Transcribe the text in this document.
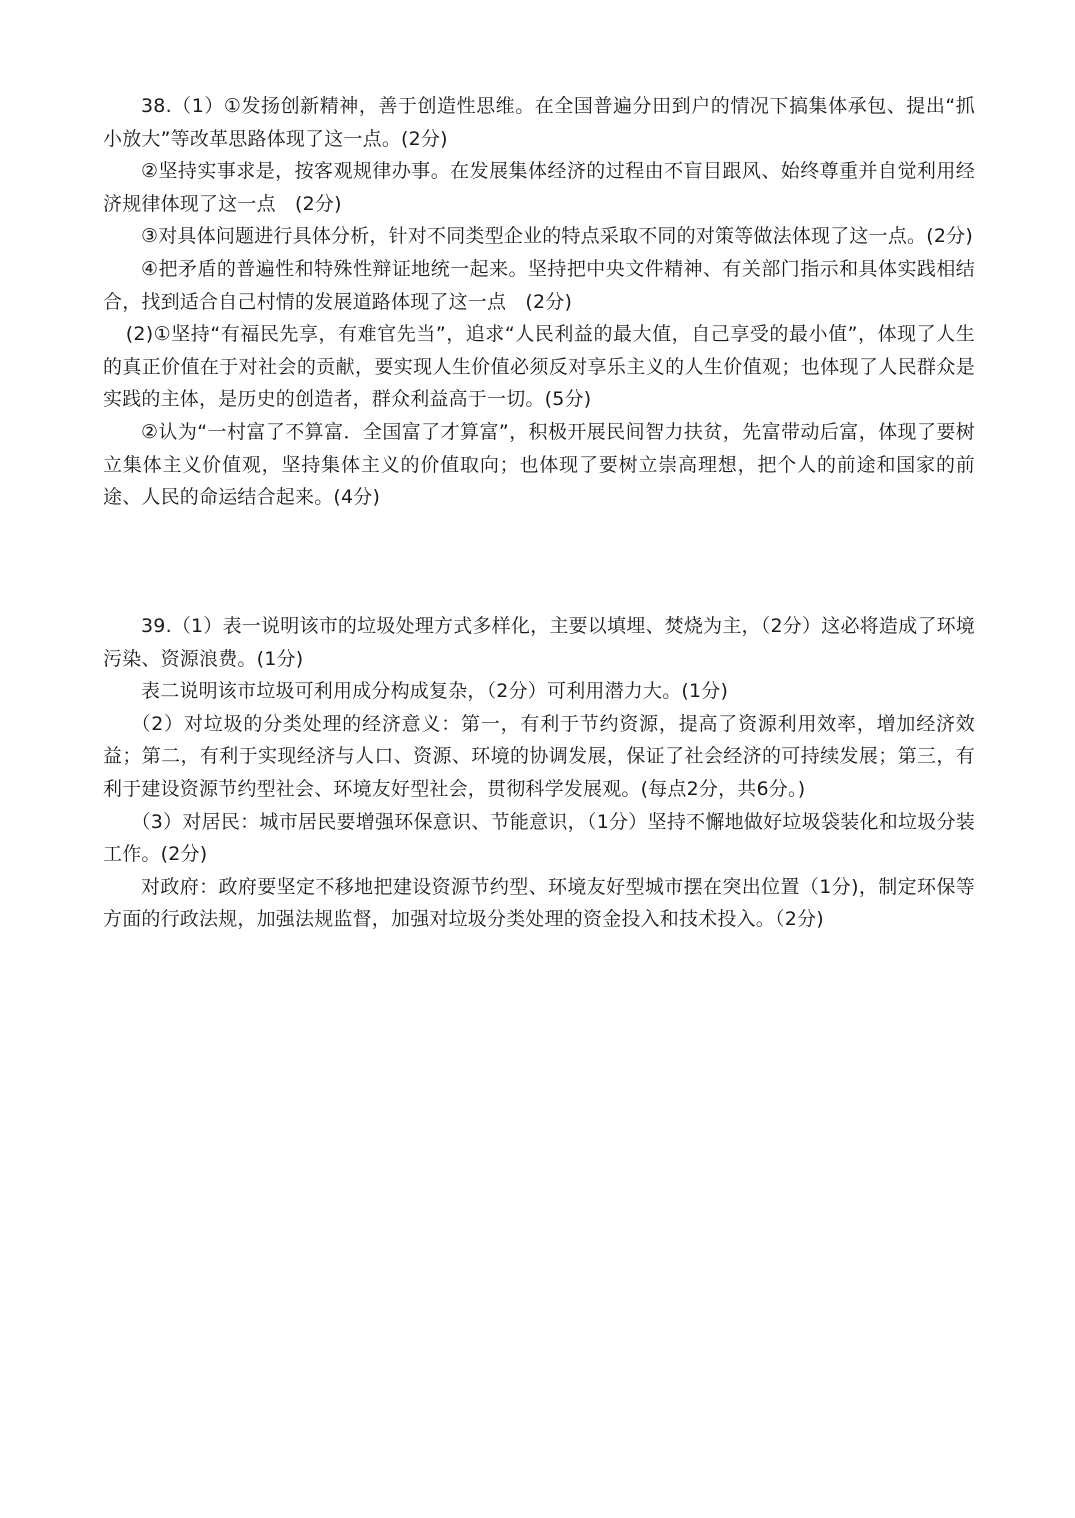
38.（1）①发扬创新精神，善于创造性思维。在全国普遍分田到户的情况下搞集体承包、提出“抓小放大”等改革思路体现了这一点。(2分)

②坚持实事求是，按客观规律办事。在发展集体经济的过程由不盲目跟风、始终尊重并自觉利用经济规律体现了这一点　(2分)

③对具体问题进行具体分析，针对不同类型企业的特点采取不同的对策等做法体现了这一点。(2分)

④把矛盾的普遍性和特殊性辩证地统一起来。坚持把中央文件精神、有关部门指示和具体实践相结合，找到适合自己村情的发展道路体现了这一点　(2分)

(2)①坚持“有福民先享，有难官先当”，追求“人民利益的最大值，自己享受的最小值”，体现了人生的真正价值在于对社会的贡献，要实现人生价值必须反对享乐主义的人生价值观；也体现了人民群众是实践的主体，是历史的创造者，群众利益高于一切。(5分)

②认为“一村富了不算富．全国富了才算富”，积极开展民间智力扶贫，先富带动后富，体现了要树立集体主义价值观，坚持集体主义的价值取向；也体现了要树立崇高理想，把个人的前途和国家的前途、人民的命运结合起来。(4分)

39.（1）表一说明该市的垃圾处理方式多样化，主要以填埋、焚烧为主，（2分）这必将造成了环境污染、资源浪费。(1分)

表二说明该市垃圾可利用成分构成复杂，（2分）可利用潜力大。(1分)

（2）对垃圾的分类处理的经济意义：第一，有利于节约资源，提高了资源利用效率，增加经济效益；第二，有利于实现经济与人口、资源、环境的协调发展，保证了社会经济的可持续发展；第三，有利于建设资源节约型社会、环境友好型社会，贯彻科学发展观。(每点2分，共6分。)

（3）对居民：城市居民要增强环保意识、节能意识，（1分）坚持不懈地做好垃圾袋装化和垃圾分装工作。(2分)

对政府：政府要坚定不移地把建设资源节约型、环境友好型城市摆在突出位置（1分)，制定环保等方面的行政法规，加强法规监督，加强对垃圾分类处理的资金投入和技术投入。（2分)
